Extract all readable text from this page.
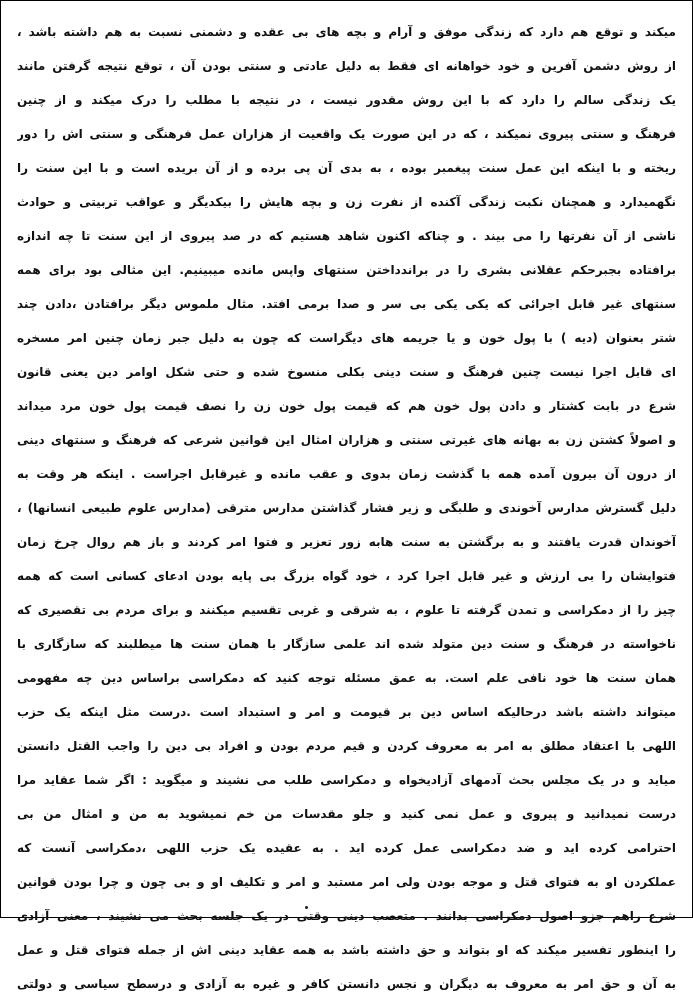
میکند و توقع هم دارد که زندگی موفق و آرام و بچه های بی عقده و دشمنی نسبت به هم داشته باشد ،
از روش دشمن آفرین و خود خواهانه ای فقط به دلیل عادتی و سنتی بودن آن ، توقع نتیجه گرفتن مانند
یک زندگی سالم را دارد که با این روش مقدور نیست ، در نتیجه با مطلب را درک میکند و از چنین
فرهنگ و سنتی پیروی نمیکند ، که در این صورت یک واقعیت از هزاران عمل فرهنگی و سنتی اش را دور
ریخته و با اینکه این عمل سنت پیغمبر بوده ، به بدی آن پی برده و از آن بریده است و با این سنت را
نگهمیدارد و همچنان نکبت زندگی آکنده از نفرت زن و بچه هایش را بیکدیگر و عواقب تربیتی و حوادث
ناشی از آن نفرتها را می بیند . و چناکه اکنون شاهد هستیم که در صد پیروی از این سنت تا چه اندازه
برافتاده بجبرحکم عقلانی بشری را در براندداختن سنتهای واپس مانده میبینیم. این مثالی بود برای همه
سنتهای غیر قابل اجرائی که یکی یکی بی سر و صدا برمی افتد. مثال ملموس دیگر برافتادن ،دادن چند
شتر بعنوان (دیه ) با پول خون و یا جریمه های دیگراست که چون به دلیل جبر زمان چنین امر مسخره
ای قابل اجرا نیست چنین فرهنگ و سنت دینی بکلی منسوخ شده و حتی شکل اوامر دین یعنی قانون
شرع در بابت کشتار و دادن پول خون هم که قیمت پول خون زن را نصف قیمت پول خون مرد میداند
و اصولاً کشتن زن به بهانه های غیرتی سنتی و هزاران امثال این قوانین شرعی که فرهنگ و سنتهای دینی
از درون آن بیرون آمده همه با گذشت زمان بدوی و عقب مانده و غیرقابل اجراست . اینکه هر وقت به
دلیل گسترش مدارس آخوندی و طلبگی و زیر فشار گذاشتن مدارس مترقی (مدارس علوم طبیعی انسانها) ،
آخوندان قدرت یافتند و به برگشتن به سنت هابه زور تعزیر و فتوا امر کردند و باز هم روال چرخ زمان
فتوایشان را بی ارزش و غیر قابل اجرا کرد ، خود گواه بزرگ بی پایه بودن ادعای کسانی است که همه
چیز را از دمکراسی و تمدن گرفته تا علوم ، به شرقی و غربی تقسیم میکنند و برای مردم بی تقصیری که
ناخواسته در فرهنگ و سنت دین متولد شده اند علمی سازگار با همان سنت ها میطلبند که سازگاری با
همان سنت ها خود نافی علم است. به عمق مسئله توجه کنید که دمکراسی براساس دین چه مفهومی
میتواند داشته باشد درحالیکه اساس دین بر قیومت و امر و استبداد است .درست مثل اینکه یک حزب
اللهی با اعتقاد مطلق به امر به معروف کردن و قیم مردم بودن و افراد بی دین را واجب القتل دانستن
میاید و در یک مجلس بحث آدمهای آزادیخواه و دمکراسی طلب می نشیند و میگوید : اگر شما عقاید مرا
درست نمیدانید و پیروی و عمل نمی کنید و جلو مقدسات من خم نمیشوید به من و امثال من بی
احترامی کرده اید و ضد دمکراسی عمل کرده اید . به عقیده یک حزب اللهی ،دمکراسی آنست که
عملکردن او به فتوای قتل و موجه بودن ولی امر مستبد و امر و تکلیف او و بی چون و چرا بودن قوانین
شرع راهم جزو اصول دمکراسی بدانند . متعصب دینی وقتی در یک جلسه بحث می نشیند ، معنی آزادی
را اینطور تفسیر میکند که او بتواند و حق داشته باشد به همه عقاید دینی اش از جمله فتوای قتل و عمل
به آن و حق امر به معروف به دیگران و نجس دانستن کافر و غیره به آزادی و درسطح سیاسی و دولتی
